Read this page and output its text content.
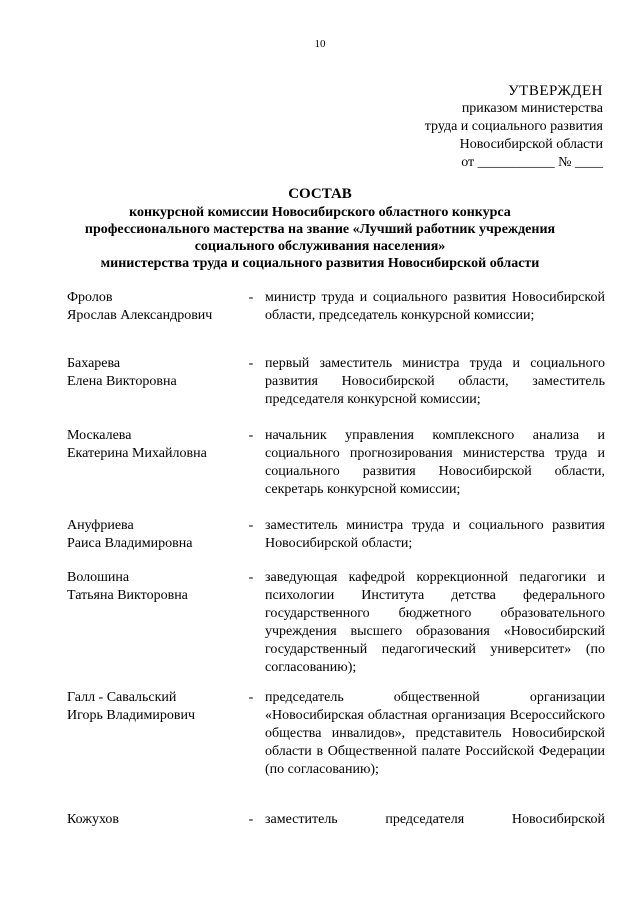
10
УТВЕРЖДЕН
приказом министерства
труда и социального развития
Новосибирской области
от ___________ № ____
СОСТАВ
конкурсной комиссии Новосибирского областного конкурса
профессионального мастерства на звание «Лучший работник учреждения
социального обслуживания населения»
министерства труда и социального развития Новосибирской области
Фролов
Ярослав Александрович
- министр труда и социального развития Новосибирской области, председатель конкурсной комиссии;
Бахарева
Елена Викторовна
- первый заместитель министра труда и социального развития Новосибирской области, заместитель председателя конкурсной комиссии;
Москалева
Екатерина Михайловна
- начальник управления комплексного анализа и социального прогнозирования министерства труда и социального развития Новосибирской области, секретарь конкурсной комиссии;
Ануфриева
Раиса Владимировна
- заместитель министра труда и социального развития Новосибирской области;
Волошина
Татьяна Викторовна
- заведующая кафедрой коррекционной педагогики и психологии Института детства федерального государственного бюджетного образовательного учреждения высшего образования «Новосибирский государственный педагогический университет» (по согласованию);
Галл - Савальский
Игорь Владимирович
- председатель общественной организации «Новосибирская областная организация Всероссийского общества инвалидов», представитель Новосибирской области в Общественной палате Российской Федерации (по согласованию);
Кожухов	- заместитель председателя Новосибирской
